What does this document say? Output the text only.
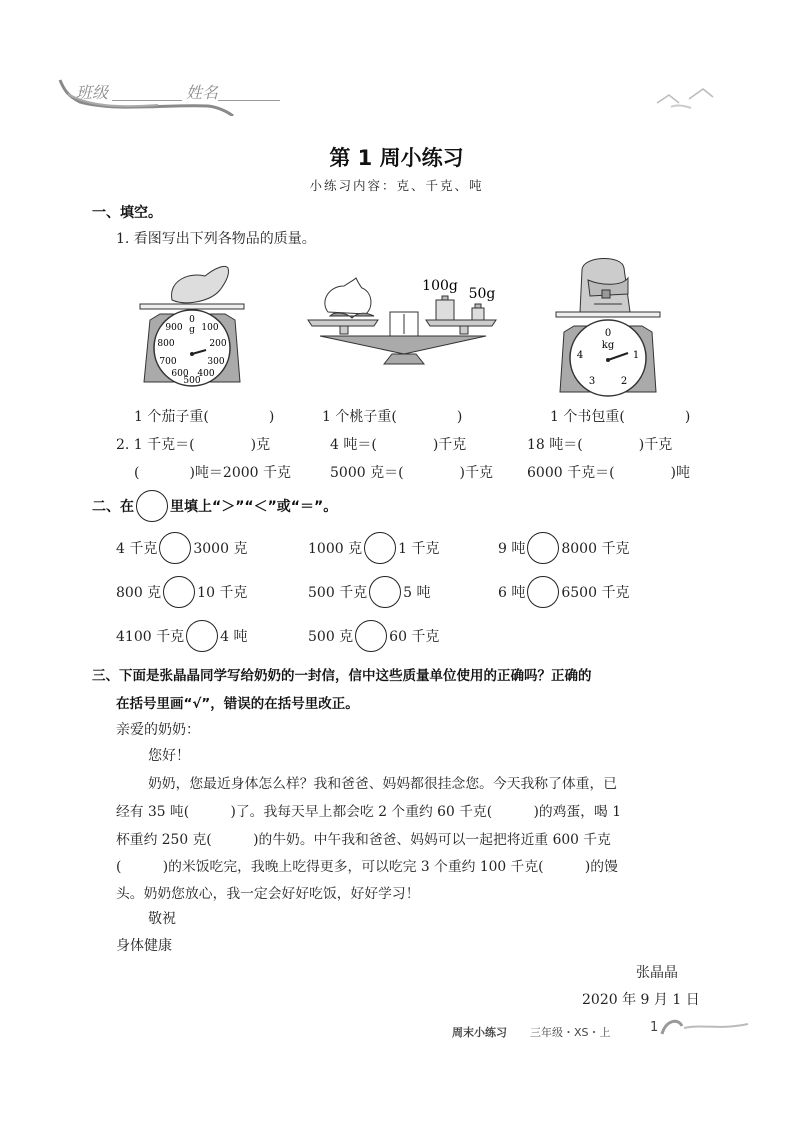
班级	姓名
第 1 周小练习
小练习内容：克、千克、吨
一、填空。
1. 看图写出下列各物品的质量。
0
g
900 100
800	200
700	300
600 400
500
100g 50g
0
kg
1
2
3
4
1 个茄子重(	)	1 个桃子重(	)	1 个书包重(	)
2. 1 千克＝(	)克	4 吨＝(	)千克	18 吨＝(	)千克
(	)吨＝2000 千克	5000 克＝(	)千克 6000 千克＝(	)吨
二、在	里填上“＞”“＜”或“＝”。
4 千克	3000 克	1000 克	1 千克	9 吨	8000 千克
800 克	10 千克	500 千克	5 吨	6 吨	6500 千克
4100 千克	4 吨	500 克	60 千克
三、下面是张晶晶同学写给奶奶的一封信，信中这些质量单位使用的正确吗？正确的
在括号里画“√”，错误的在括号里改正。
亲爱的奶奶：
您好！
奶奶，您最近身体怎么样？我和爸爸、妈妈都很挂念您。今天我称了体重，已
经有 35 吨(　　　)了。我每天早上都会吃 2 个重约 60 千克(　　　)的鸡蛋，喝 1
杯重约 250 克(　　　)的牛奶。中午我和爸爸、妈妈可以一起把将近重 600 千克
(　　　)的米饭吃完，我晚上吃得更多，可以吃完 3 个重约 100 千克(　　　)的馒
头。奶奶您放心，我一定会好好吃饭，好好学习！
敬祝
身体健康
张晶晶
2020 年 9 月 1 日
周末小练习 三年级・XS・上	1
